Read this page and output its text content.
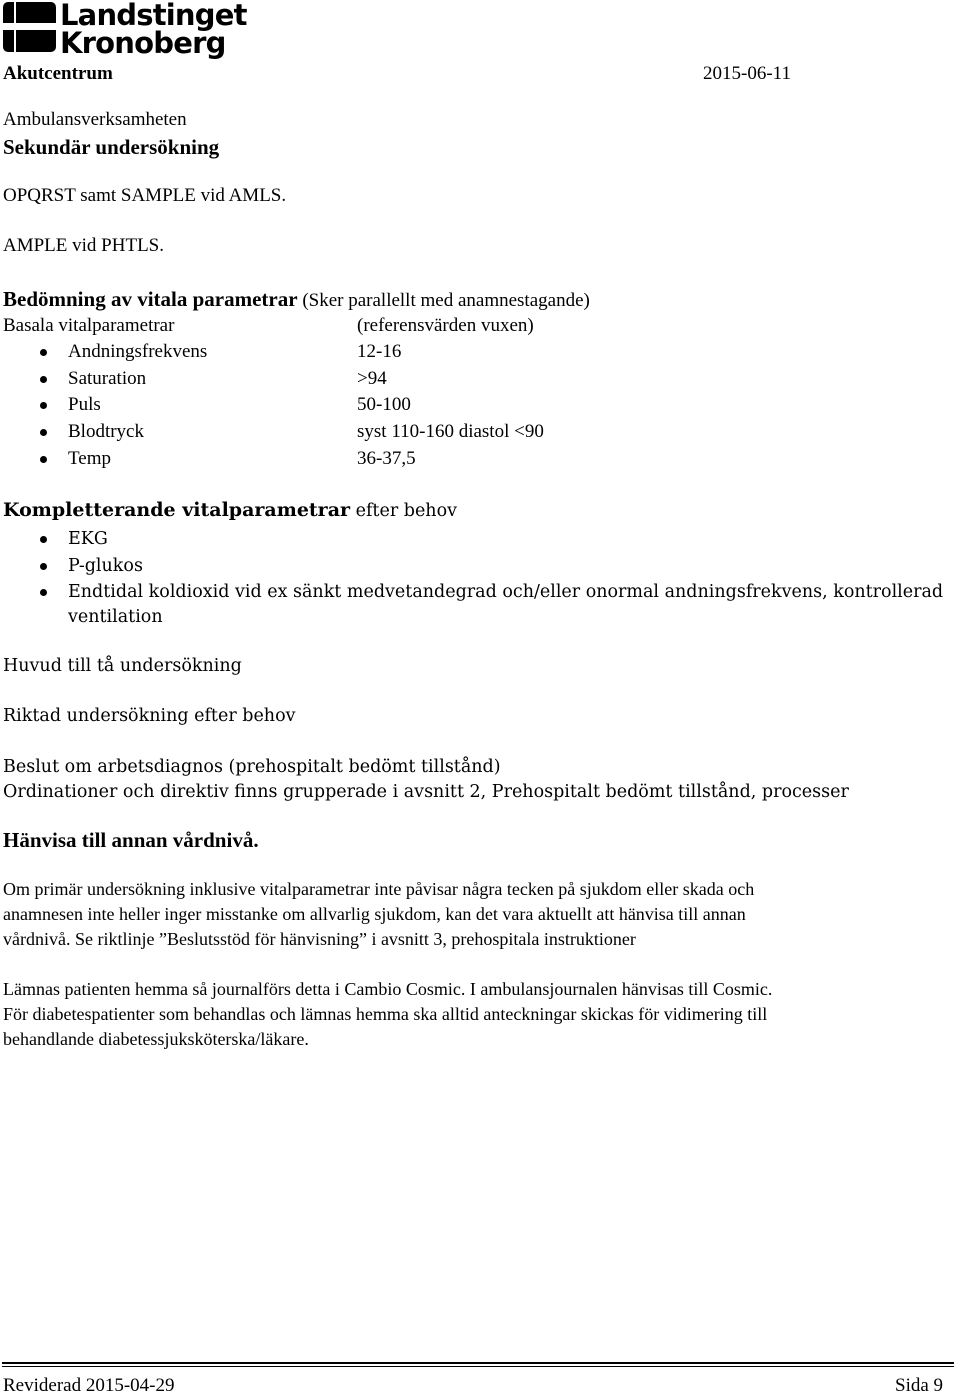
Landstinget
Kronoberg

Akutcentrum	2015-06-11

Ambulansverksamheten

Sekundär undersökning

OPQRST samt SAMPLE vid AMLS.

AMPLE vid PHTLS.

Bedömning av vitala parametrar (Sker parallellt med anamnestagande)

Basala vitalparametrar	(referensvärden vuxen)

Andningsfrekvens	12-16

Saturation	>94

Puls	50-100

Blodtryck	syst 110-160 diastol <90

Temp	36-37,5

Kompletterande vitalparametrar efter behov

EKG

P-glukos

Endtidal koldioxid vid ex sänkt medvetandegrad och/eller onormal andningsfrekvens, kontrollerad

ventilation

Huvud till tå undersökning

Riktad undersökning efter behov

Beslut om arbetsdiagnos (prehospitalt bedömt tillstånd)

Ordinationer och direktiv finns grupperade i avsnitt 2, Prehospitalt bedömt tillstånd, processer

Hänvisa till annan vårdnivå.

Om primär undersökning inklusive vitalparametrar inte påvisar några tecken på sjukdom eller skada och

anamnesen inte heller inger misstanke om allvarlig sjukdom, kan det vara aktuellt att hänvisa till annan

vårdnivå. Se riktlinje ”Beslutsstöd för hänvisning” i avsnitt 3, prehospitala instruktioner

Lämnas patienten hemma så journalförs detta i Cambio Cosmic. I ambulansjournalen hänvisas till Cosmic.

För diabetespatienter som behandlas och lämnas hemma ska alltid anteckningar skickas för vidimering till

behandlande diabetessjuksköterska/läkare.

Reviderad 2015-04-29	Sida 9
